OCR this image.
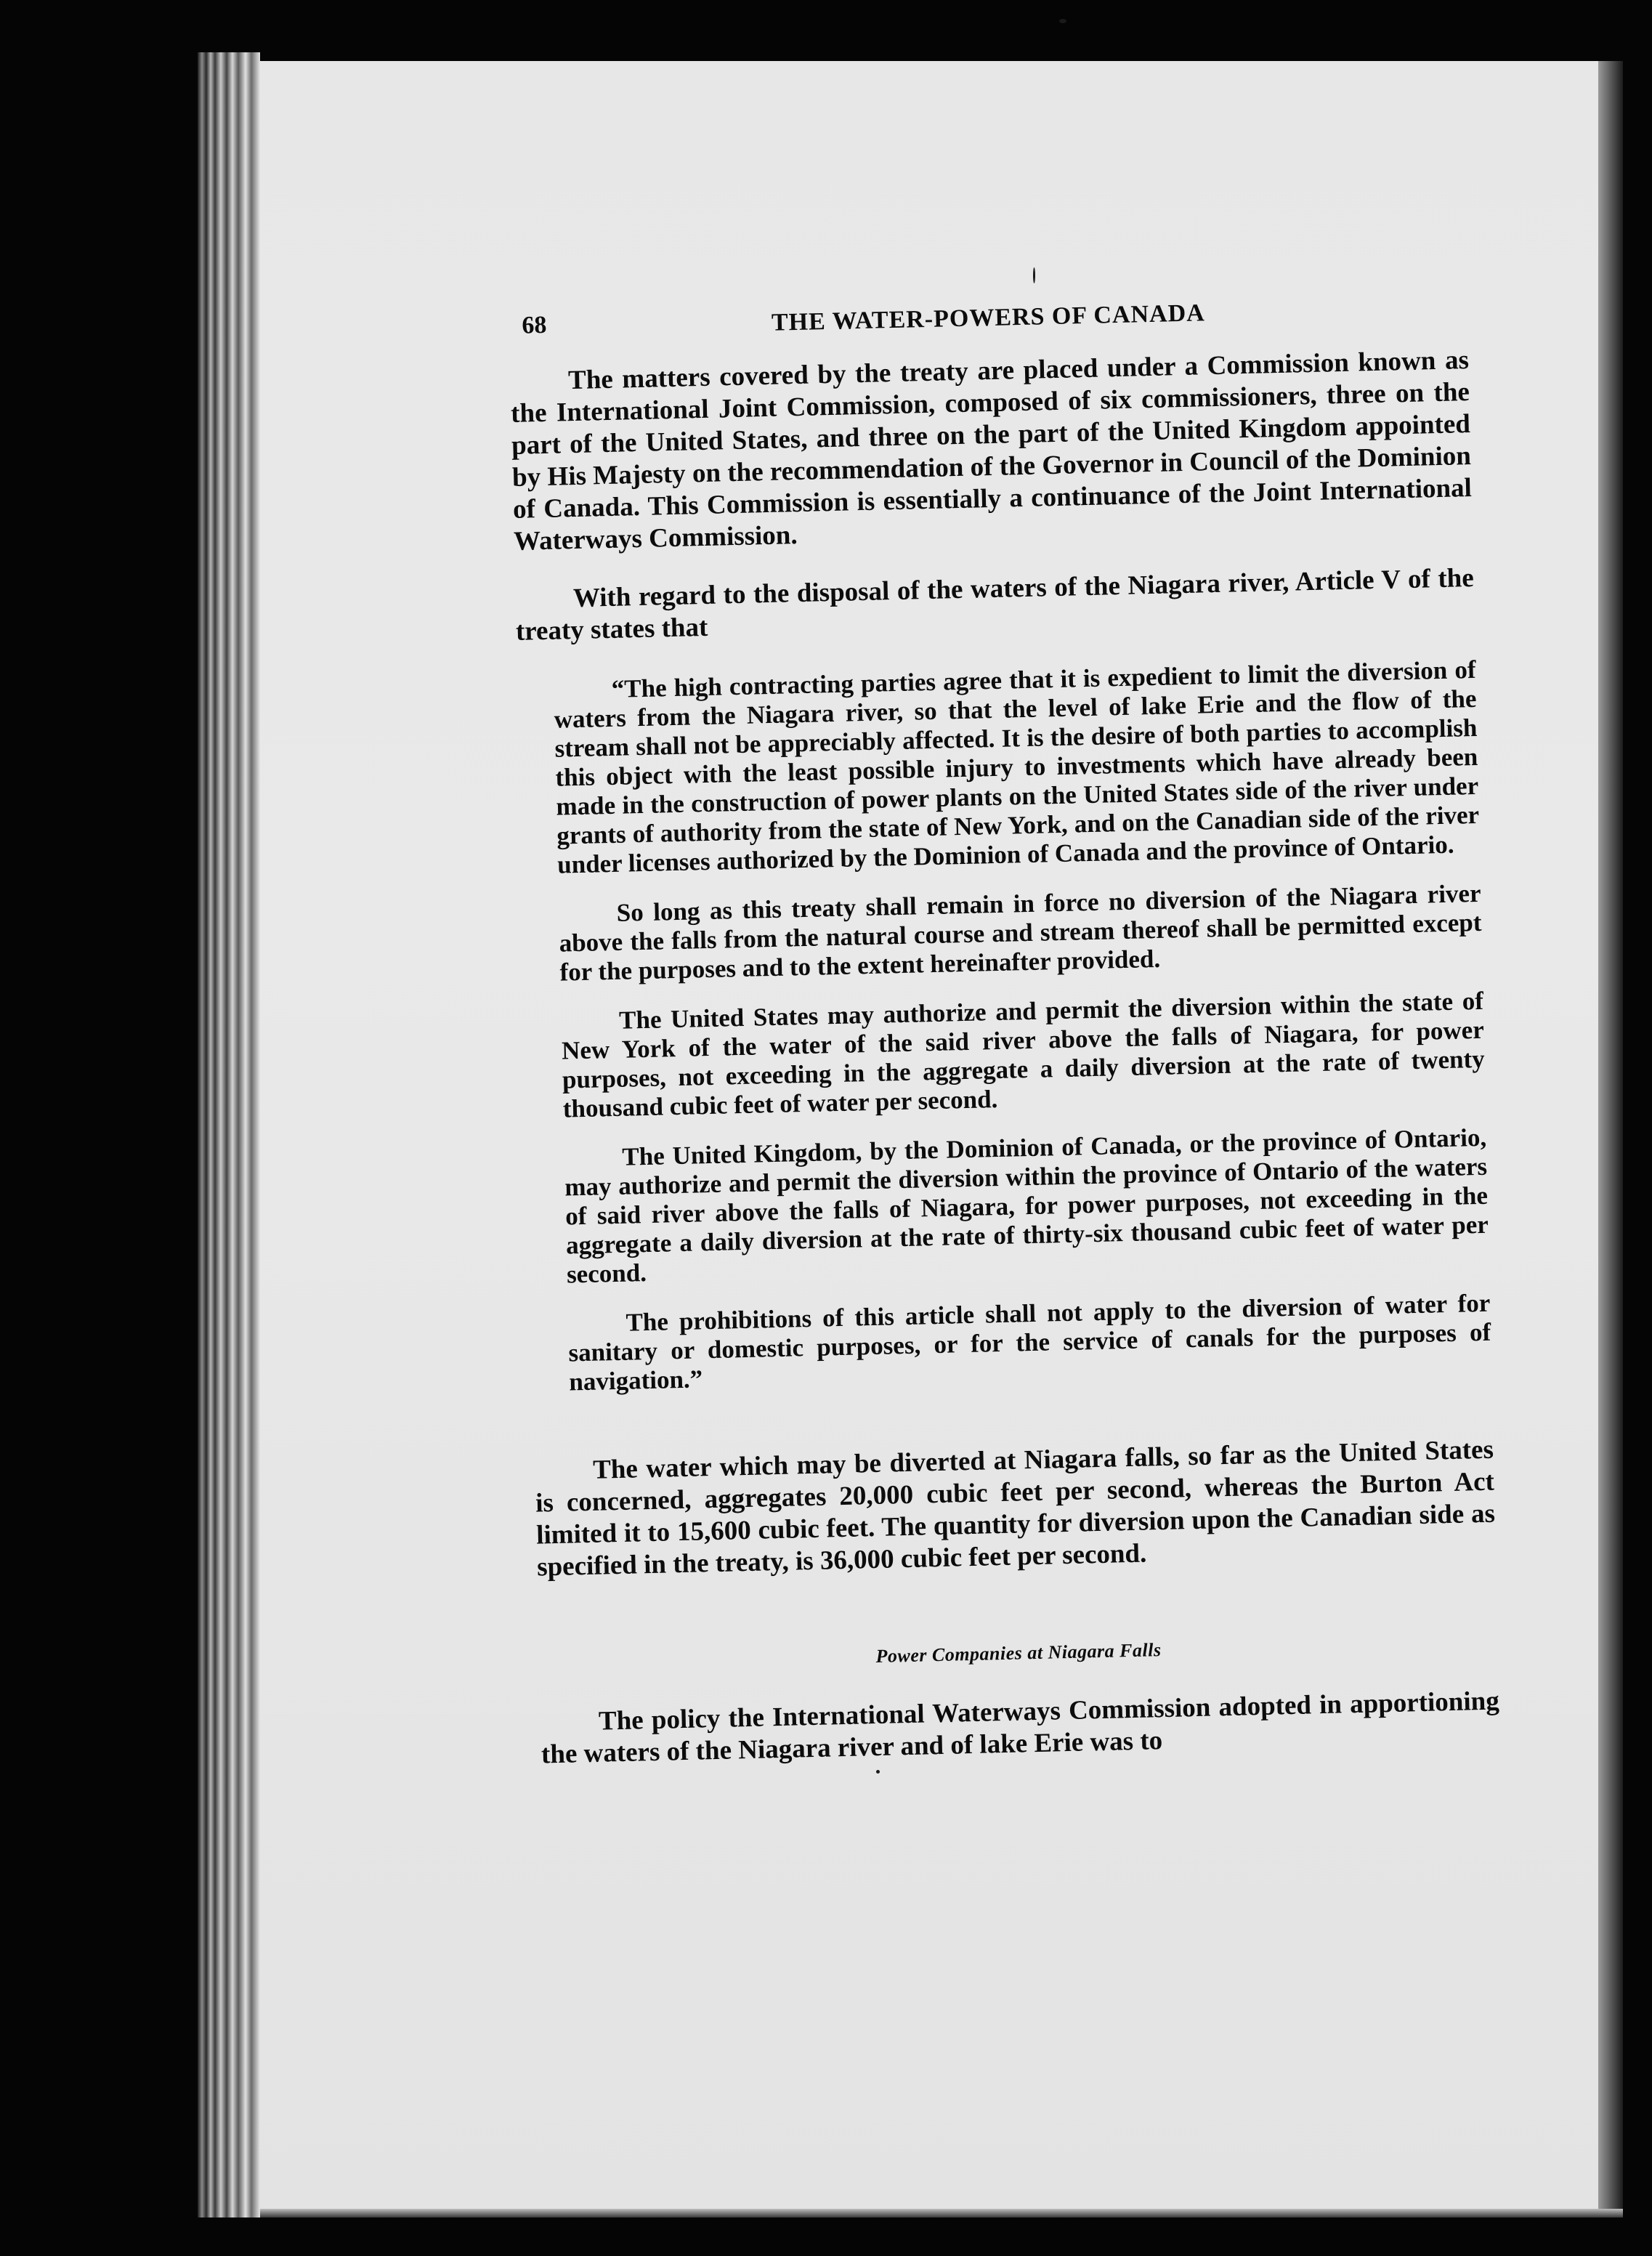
68	THE WATER-POWERS OF CANADA

The matters covered by the treaty are placed under a Commission known as the International Joint Commission, composed of six commissioners, three on the part of the United States, and three on the part of the United Kingdom appointed by His Majesty on the recommendation of the Governor in Council of the Dominion of Canada. This Commission is essentially a continuance of the Joint International Waterways Commission.

With regard to the disposal of the waters of the Niagara river, Article V of the treaty states that

“The high contracting parties agree that it is expedient to limit the diversion of waters from the Niagara river, so that the level of lake Erie and the flow of the stream shall not be appreciably affected. It is the desire of both parties to accomplish this object with the least possible injury to investments which have already been made in the construction of power plants on the United States side of the river under grants of authority from the state of New York, and on the Canadian side of the river under licenses authorized by the Dominion of Canada and the province of Ontario.

So long as this treaty shall remain in force no diversion of the Niagara river above the falls from the natural course and stream thereof shall be permitted except for the purposes and to the extent hereinafter provided.

The United States may authorize and permit the diversion within the state of New York of the water of the said river above the falls of Niagara, for power purposes, not exceeding in the aggregate a daily diversion at the rate of twenty thousand cubic feet of water per second.

The United Kingdom, by the Dominion of Canada, or the province of Ontario, may authorize and permit the diversion within the province of Ontario of the waters of said river above the falls of Niagara, for power purposes, not exceeding in the aggregate a daily diversion at the rate of thirty-six thousand cubic feet of water per second.

The prohibitions of this article shall not apply to the diversion of water for sanitary or domestic purposes, or for the service of canals for the purposes of navigation.”

The water which may be diverted at Niagara falls, so far as the United States is concerned, aggregates 20,000 cubic feet per second, whereas the Burton Act limited it to 15,600 cubic feet. The quantity for diversion upon the Canadian side as specified in the treaty, is 36,000 cubic feet per second.

Power Companies at Niagara Falls

The policy the International Waterways Commission adopted in apportioning the waters of the Niagara river and of lake Erie was to
